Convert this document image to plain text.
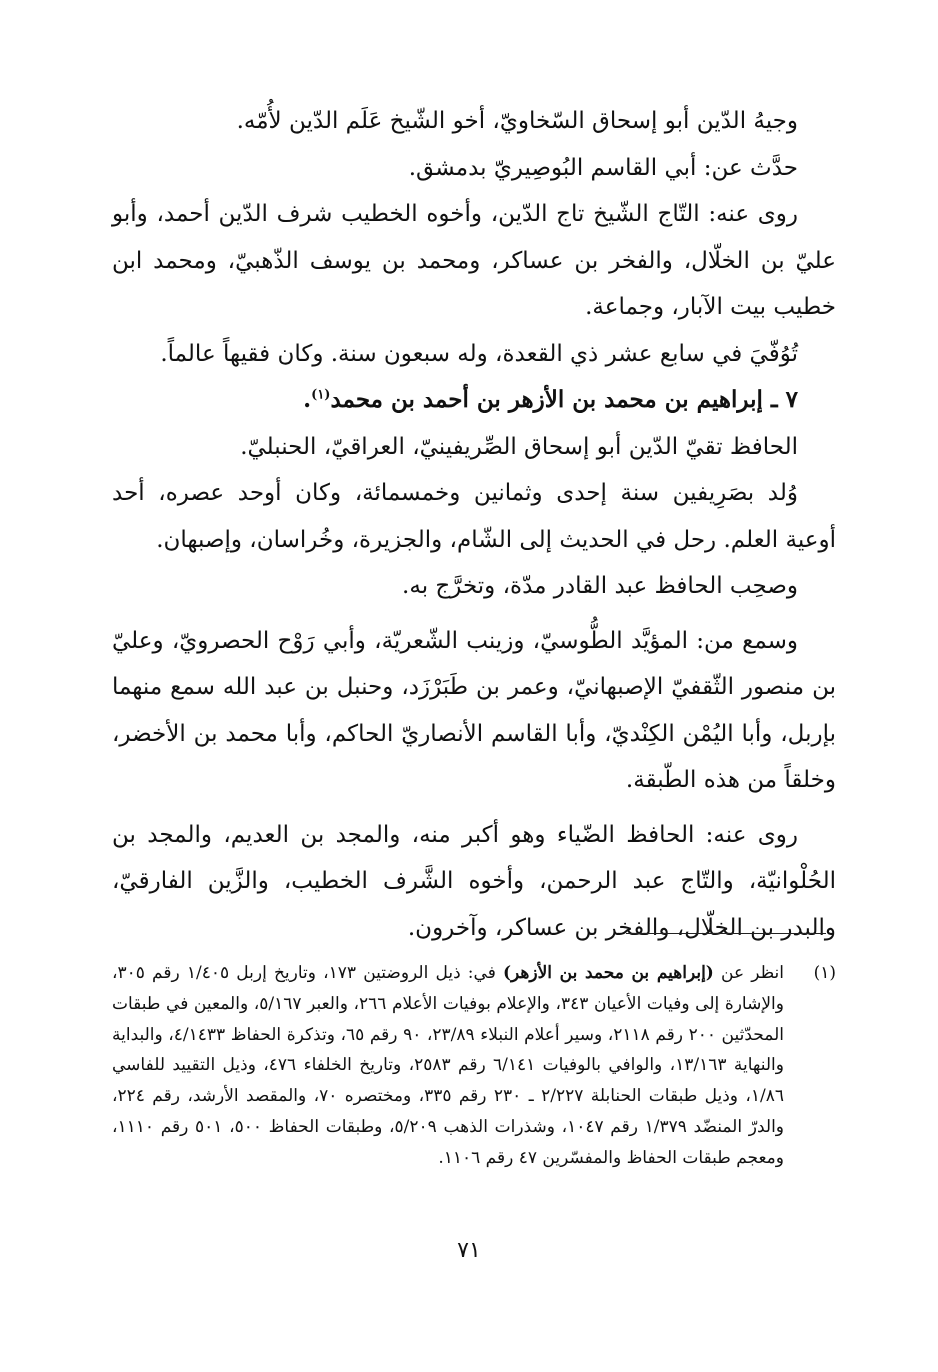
وجيهُ الدّين أبو إسحاق السّخاويّ، أخو الشّيخ عَلَم الدّين لأُمّه.

حدَّث عن: أبي القاسم البُوصِيريّ بدمشق.

روى عنه: التّاج الشّيخ تاج الدّين، وأخوه الخطيب شرف الدّين أحمد، وأبو عليّ بن الخلّال، والفخر بن عساكر، ومحمد بن يوسف الذّهبيّ، ومحمد ابن خطيب بيت الآبار، وجماعة.

تُوُفّيَ في سابع عشر ذي القعدة، وله سبعون سنة. وكان فقيهاً عالماً.

٧ ـ إبراهيم بن محمد بن الأزهر بن أحمد بن محمد$^{(١)}$.

الحافظ تقيّ الدّين أبو إسحاق الصِّريفينيّ، العراقيّ، الحنبليّ.

وُلد بصَرِيفين سنة إحدى وثمانين وخمسمائة، وكان أوحد عصره، أحد أوعية العلم. رحل في الحديث إلى الشّام، والجزيرة، وخُراسان، وإصبهان.

وصحِب الحافظ عبد القادر مدّة، وتخرَّج به.

وسمع من: المؤيَّد الطُّوسيّ، وزينب الشّعريّة، وأبي رَوْح الحصرويّ، وعليّ بن منصور الثّقفيّ الإصبهانيّ، وعمر بن طَبَرْزَد، وحنبل بن عبد الله سمع منهما بإربل، وأبا اليُمْن الكِنْديّ، وأبا القاسم الأنصاريّ الحاكم، وأبا محمد بن الأخضر، وخلقاً من هذه الطّبقة.

روى عنه: الحافظ الضّياء وهو أكبر منه، والمجد بن العديم، والمجد بن الحُلْوانيّة، والتّاج عبد الرحمن، وأخوه الشَّرف الخطيب، والزَّين الفارقيّ، والبدر بن الخلّال، والفخر بن عساكر، وآخرون.

(١)
انظر عن (إبراهيم بن محمد بن الأزهر) في: ذيل الروضتين ١٧٣، وتاريخ إربل ١/٤٠٥ رقم ٣٠٥، والإشارة إلى وفيات الأعيان ٣٤٣، والإعلام بوفيات الأعلام ٢٦٦، والعبر ٥/١٦٧، والمعين في طبقات المحدّثين ٢٠٠ رقم ٢١١٨، وسير أعلام النبلاء ٢٣/٨٩، ٩٠ رقم ٦٥، وتذكرة الحفاظ ٤/١٤٣٣، والبداية والنهاية ١٣/١٦٣، والوافي بالوفيات ٦/١٤١ رقم ٢٥٨٣، وتاريخ الخلفاء ٤٧٦، وذيل التقييد للفاسي ١/٨٦، وذيل طبقات الحنابلة ٢/٢٢٧ ـ ٢٣٠ رقم ٣٣٥، ومختصره ٧٠، والمقصد الأرشد، رقم ٢٢٤، والدرّ المنضّد ١/٣٧٩ رقم ١٠٤٧، وشذرات الذهب ٥/٢٠٩، وطبقات الحفاظ ٥٠٠، ٥٠١ رقم ١١١٠، ومعجم طبقات الحفاظ والمفسّرين ٤٧ رقم ١١٠٦.
٧١
